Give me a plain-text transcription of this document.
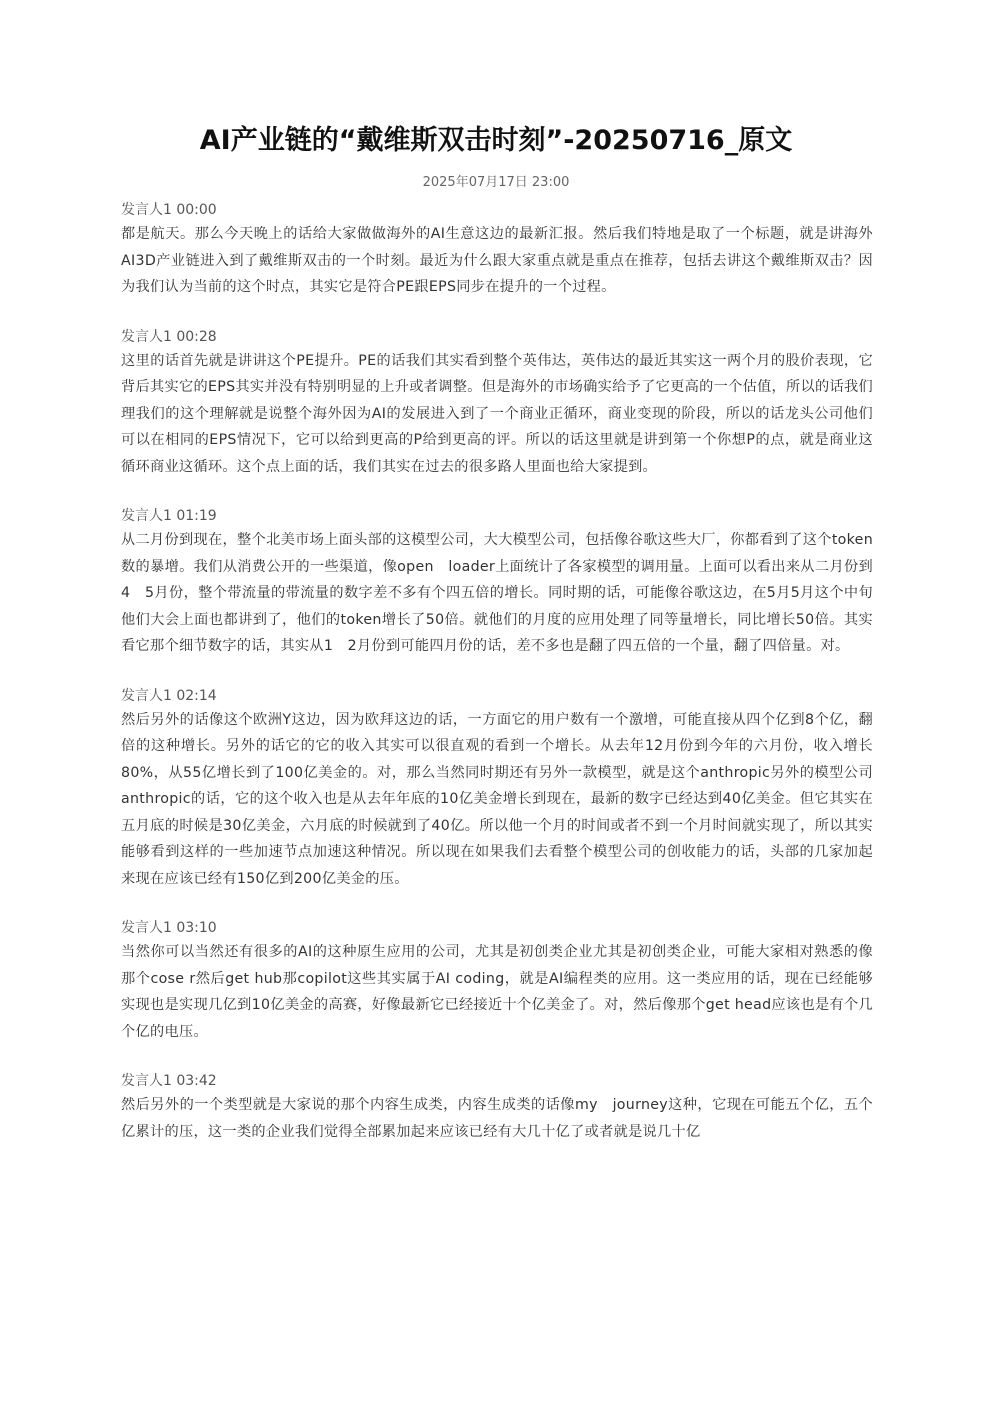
AI产业链的“戴维斯双击时刻”-20250716_原文
2025年07月17日 23:00

发言人1 00:00

都是航天。那么今天晚上的话给大家做做海外的AI生意这边的最新汇报。然后我们特地是取了一个标题，就是讲海外AI3D产业链进入到了戴维斯双击的一个时刻。最近为什么跟大家重点就是重点在推荐，包括去讲这个戴维斯双击？因为我们认为当前的这个时点，其实它是符合PE跟EPS同步在提升的一个过程。

发言人1 00:28

这里的话首先就是讲讲这个PE提升。PE的话我们其实看到整个英伟达，英伟达的最近其实这一两个月的股价表现，它背后其实它的EPS其实并没有特别明显的上升或者调整。但是海外的市场确实给予了它更高的一个估值，所以的话我们理我们的这个理解就是说整个海外因为AI的发展进入到了一个商业正循环，商业变现的阶段，所以的话龙头公司他们可以在相同的EPS情况下，它可以给到更高的P给到更高的评。所以的话这里就是讲到第一个你想P的点，就是商业这循环商业这循环。这个点上面的话，我们其实在过去的很多路人里面也给大家提到。

发言人1 01:19

从二月份到现在，整个北美市场上面头部的这模型公司，大大模型公司，包括像谷歌这些大厂，你都看到了这个token数的暴增。我们从消费公开的一些渠道，像open　loader上面统计了各家模型的调用量。上面可以看出来从二月份到4　5月份，整个带流量的带流量的数字差不多有个四五倍的增长。同时期的话，可能像谷歌这边，在5月5月这个中旬他们大会上面也都讲到了，他们的token增长了50倍。就他们的月度的应用处理了同等量增长，同比增长50倍。其实看它那个细节数字的话，其实从1　2月份到可能四月份的话，差不多也是翻了四五倍的一个量，翻了四倍量。对。

发言人1 02:14

然后另外的话像这个欧洲Y这边，因为欧拜这边的话，一方面它的用户数有一个激增，可能直接从四个亿到8个亿，翻倍的这种增长。另外的话它的它的收入其实可以很直观的看到一个增长。从去年12月份到今年的六月份，收入增长80%，从55亿增长到了100亿美金的。对，那么当然同时期还有另外一款模型，就是这个anthropic另外的模型公司anthropic的话，它的这个收入也是从去年年底的10亿美金增长到现在，最新的数字已经达到40亿美金。但它其实在五月底的时候是30亿美金，六月底的时候就到了40亿。所以他一个月的时间或者不到一个月时间就实现了，所以其实能够看到这样的一些加速节点加速这种情况。所以现在如果我们去看整个模型公司的创收能力的话，头部的几家加起来现在应该已经有150亿到200亿美金的压。

发言人1 03:10

当然你可以当然还有很多的AI的这种原生应用的公司，尤其是初创类企业尤其是初创类企业，可能大家相对熟悉的像那个cose r然后get hub那copilot这些其实属于AI coding，就是AI编程类的应用。这一类应用的话，现在已经能够实现也是实现几亿到10亿美金的高赛，好像最新它已经接近十个亿美金了。对，然后像那个get head应该也是有个几个亿的电压。

发言人1 03:42

然后另外的一个类型就是大家说的那个内容生成类，内容生成类的话像my　journey这种，它现在可能五个亿，五个亿累计的压，这一类的企业我们觉得全部累加起来应该已经有大几十亿了或者就是说几十亿
